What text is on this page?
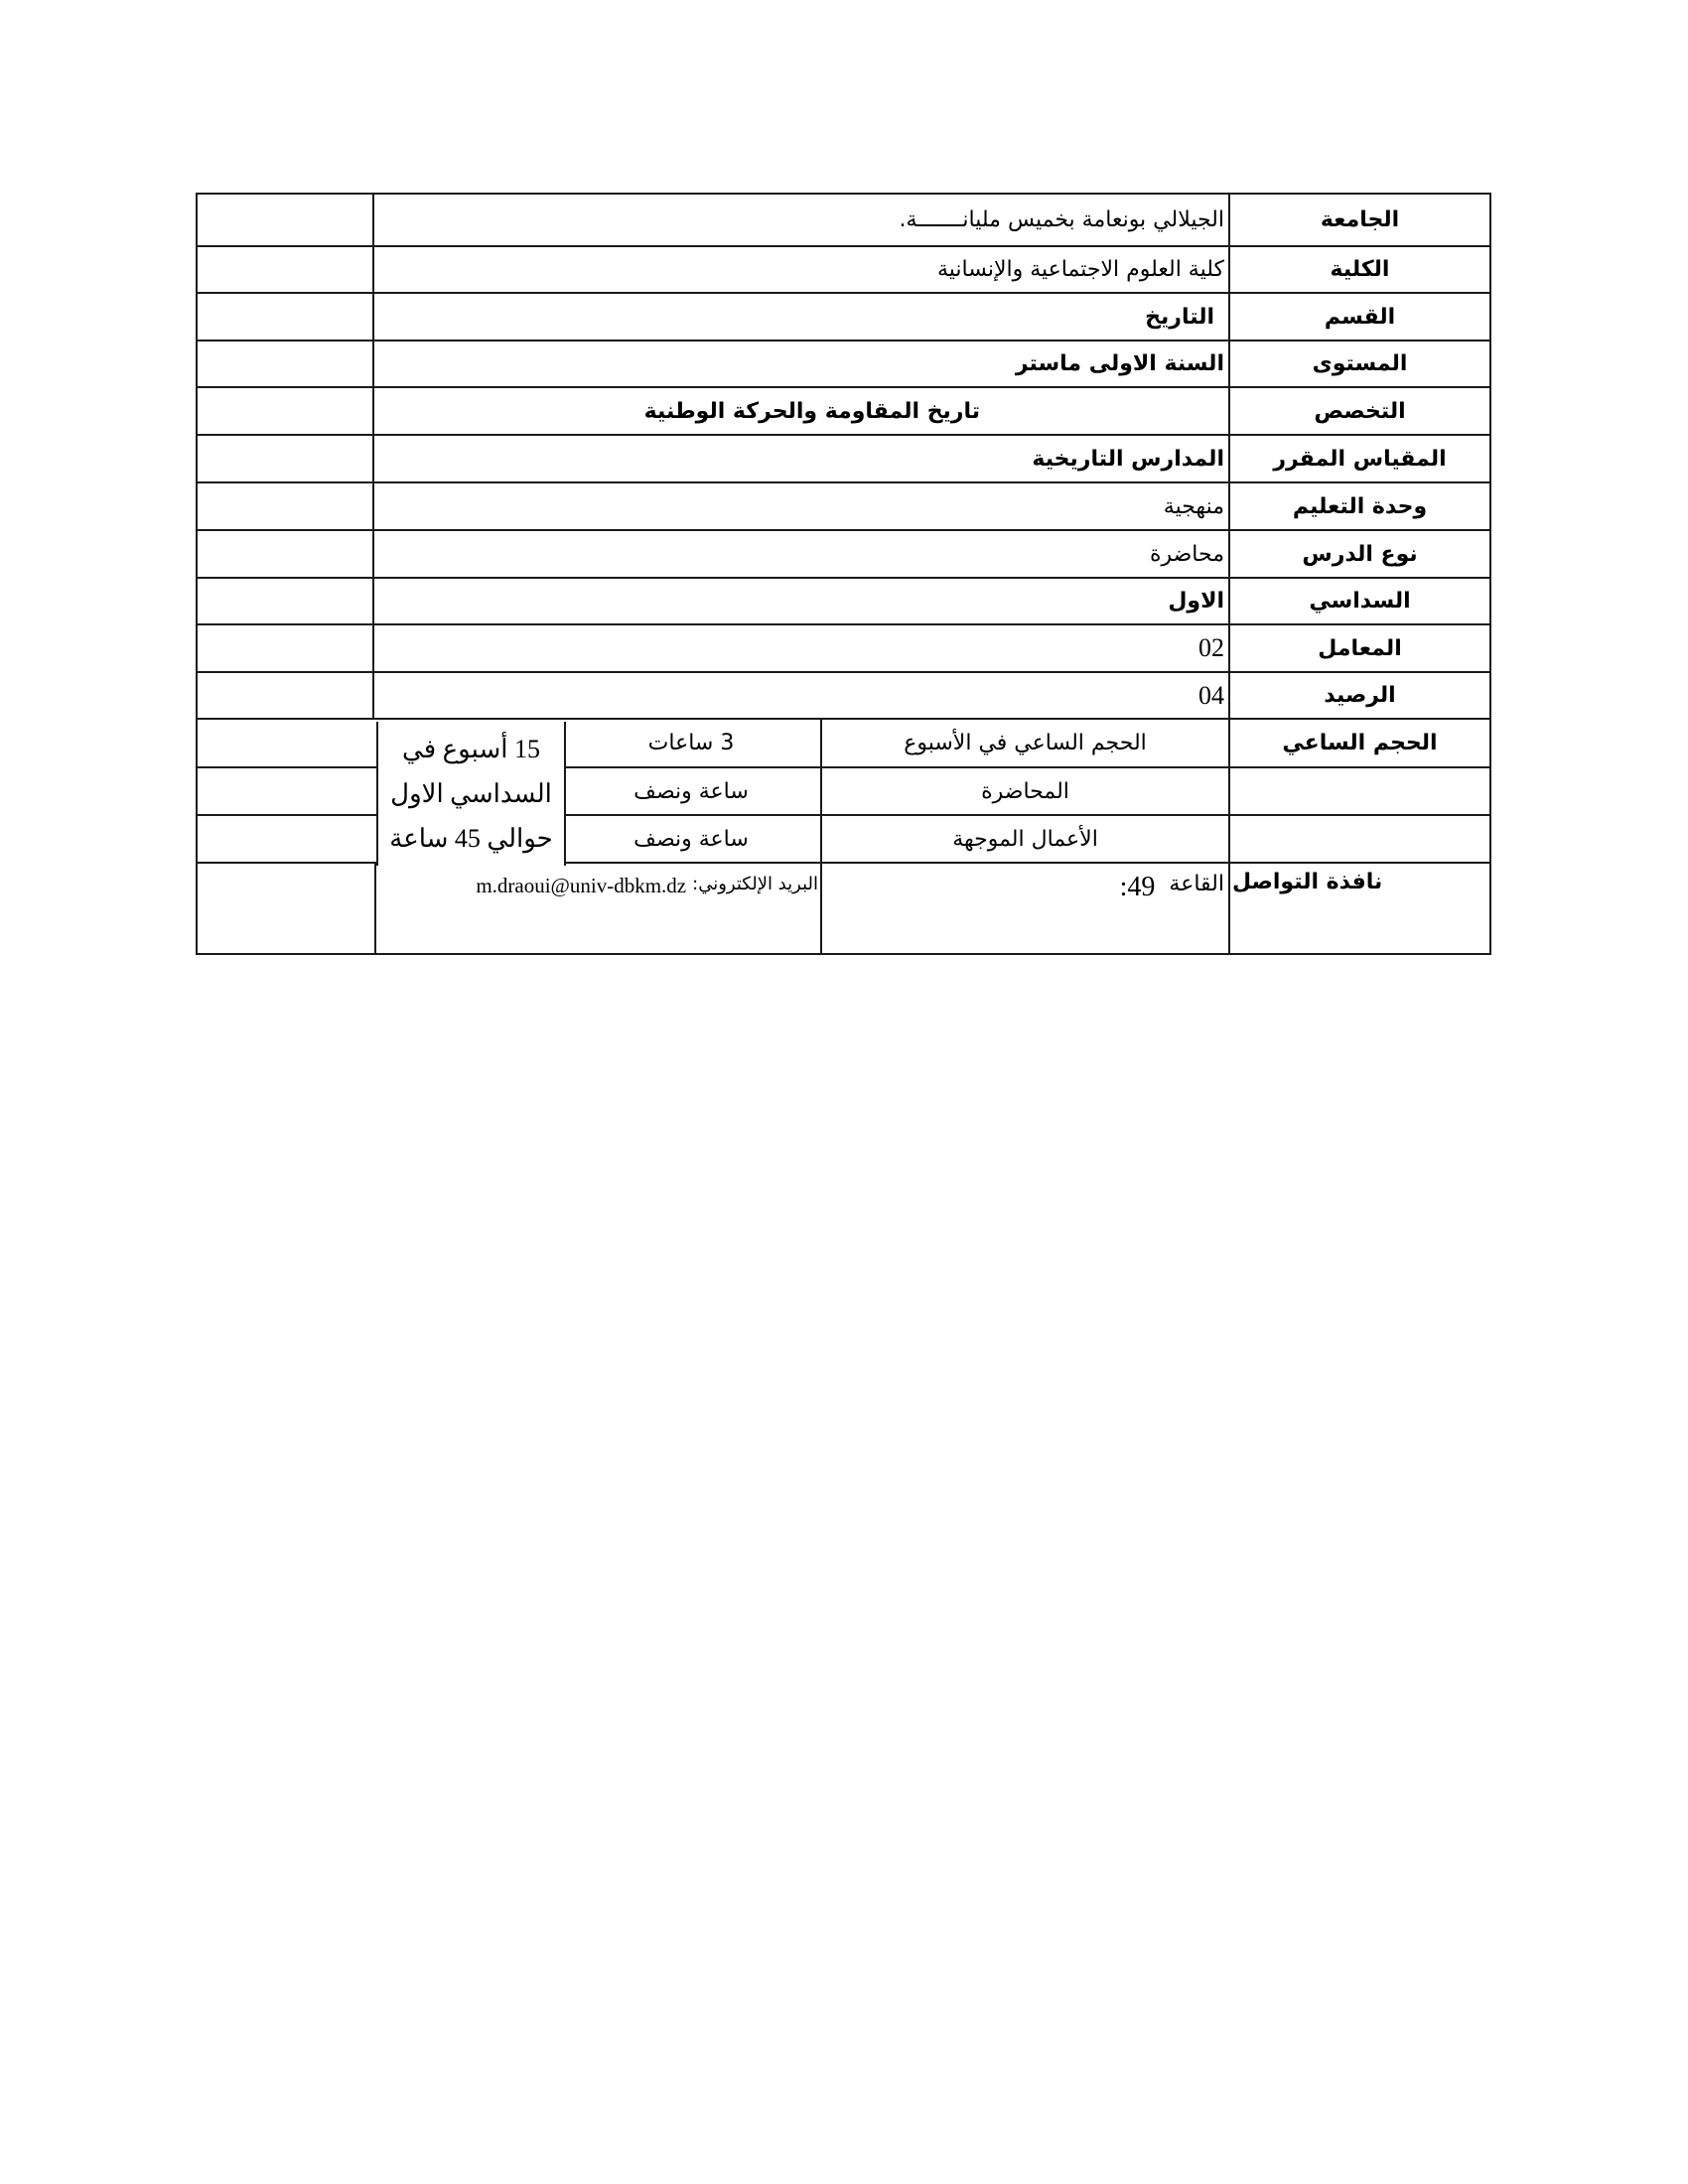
الجامعة
الجيلالي بونعامة بخميس مليانـــــــة.
الكلية
كلية العلوم الاجتماعية والإنسانية
القسم
التاريخ
المستوى
السنة الاولى ماستر
التخصص
تاريخ المقاومة والحركة الوطنية
المقياس المقرر
المدارس التاريخية
وحدة التعليم
منهجية
نوع الدرس
محاضرة
السداسي
الاول
المعامل
02
الرصيد
04
الحجم الساعي
الحجم الساعي في الأسبوع
3 ساعات
المحاضرة
ساعة ونصف
الأعمال الموجهة
ساعة ونصف
15 أسبوع في
السداسي الاول
حوالي 45 ساعة
نافذة التواصل
القاعة
49:
البريد الإلكتروني:
m.draoui@univ-dbkm.dz
